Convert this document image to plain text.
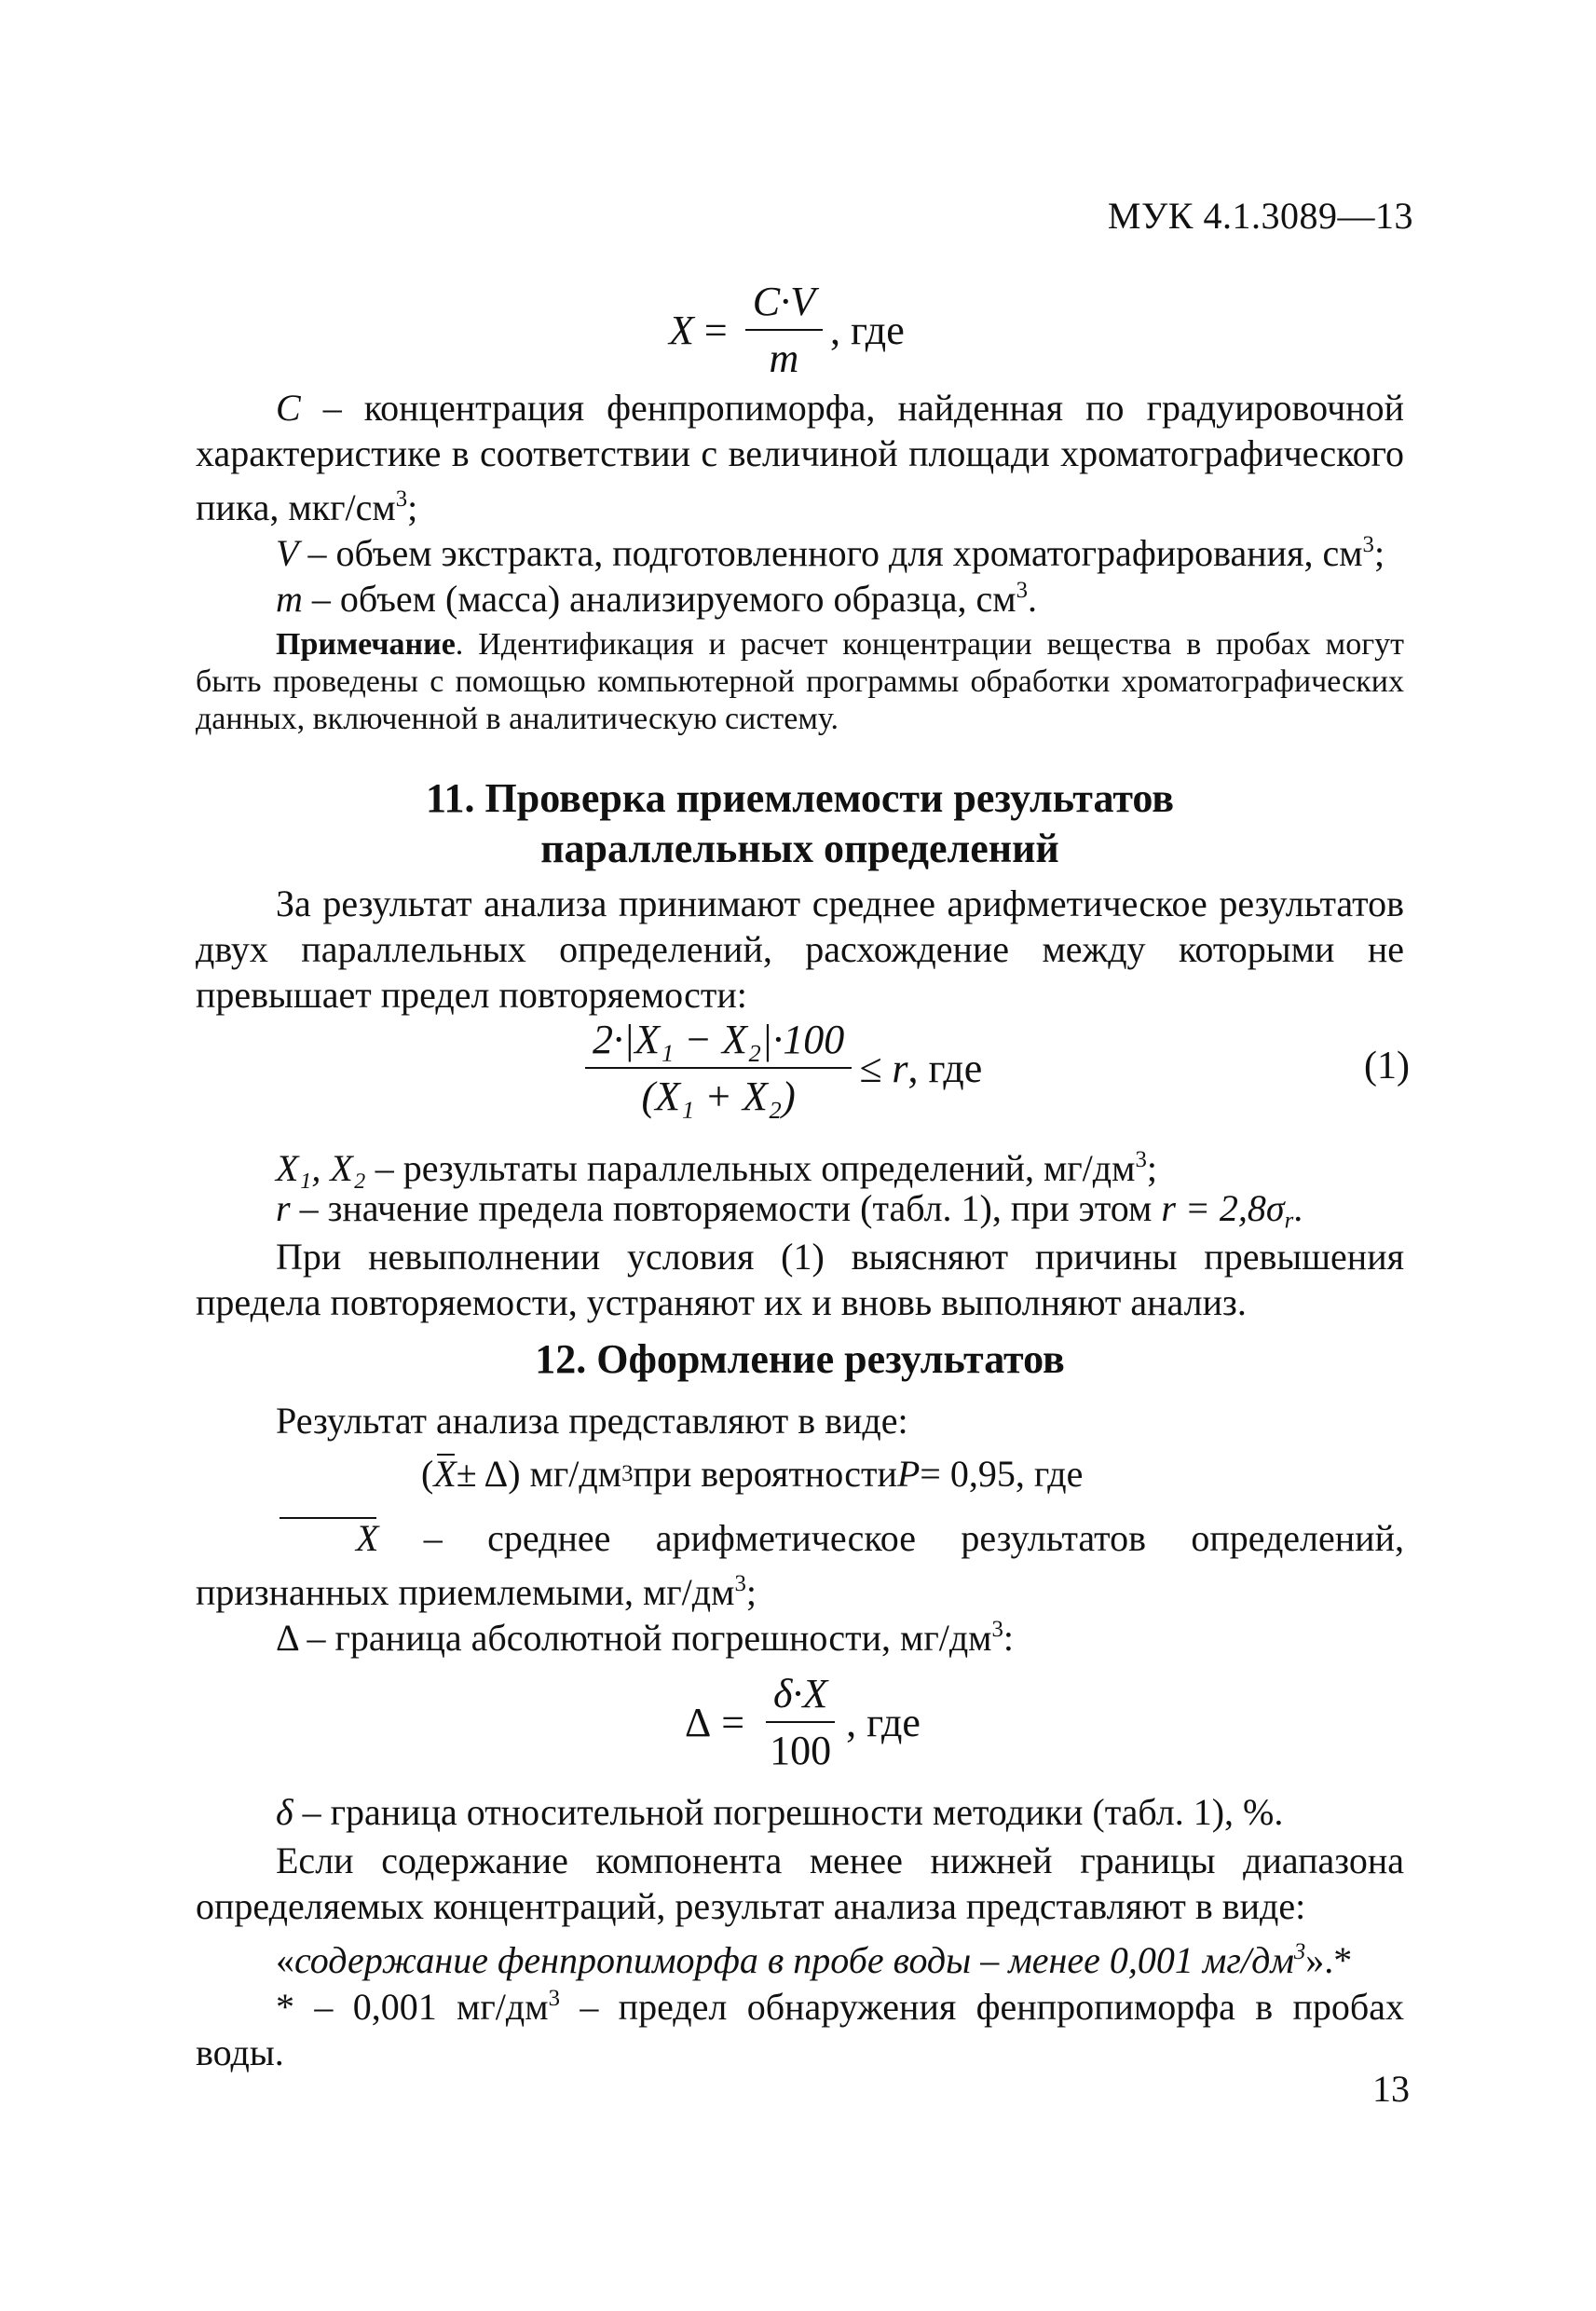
МУК 4.1.3089—13
$X = \frac{C\cdot V}{m}$ , где
C – концентрация фенпропиморфа, найденная по градуировочной характеристике в соответствии с величиной площади хроматографического пика, мкг/$см^3$;
V – объем экстракта, подготовленного для хроматографирования, $см^3$;
m – объем (масса) анализируемого образца, $см^3$.
Примечание. Идентификация и расчет концентрации вещества в пробах могут быть проведены с помощью компьютерной программы обработки хроматографических данных, включенной в аналитическую систему.
11. Проверка приемлемости результатов
параллельных определений
За результат анализа принимают среднее арифметическое результатов двух параллельных определений, расхождение между которыми не превышает предел повторяемости:
$\frac{\text{2·|X₁ − X₂|·100}}{\text{(X₁ + X₂)}} \le r$ , где	(1)
X₁, X₂ – результаты параллельных определений, $мг/дм^3$;
r – значение предела повторяемости (табл. 1), при этом $r = 2,8\sigma_r$.
При невыполнении условия (1) выясняют причины превышения предела повторяемости, устраняют их и вновь выполняют анализ.
12. Оформление результатов
Результат анализа представляют в виде:
( X ± Δ) мг/дм 3 при вероятности P = 0,95, где
X – среднее арифметическое результатов определений, признанных приемлемыми, $мг/дм^3$;
Δ – граница абсолютной погрешности, $мг/дм^3$:
$\Delta = \frac{\delta\cdot X}{100}$ , где
δ – граница относительной погрешности методики (табл. 1), %.
Если содержание компонента менее нижней границы диапазона определяемых концентраций, результат анализа представляют в виде:
«содержание фенпропиморфа в пробе воды – менее 0,001 $мг/дм^3».*$
* – 0,001 $мг/дм^3$ – предел обнаружения фенпропиморфа в пробах воды.
13
